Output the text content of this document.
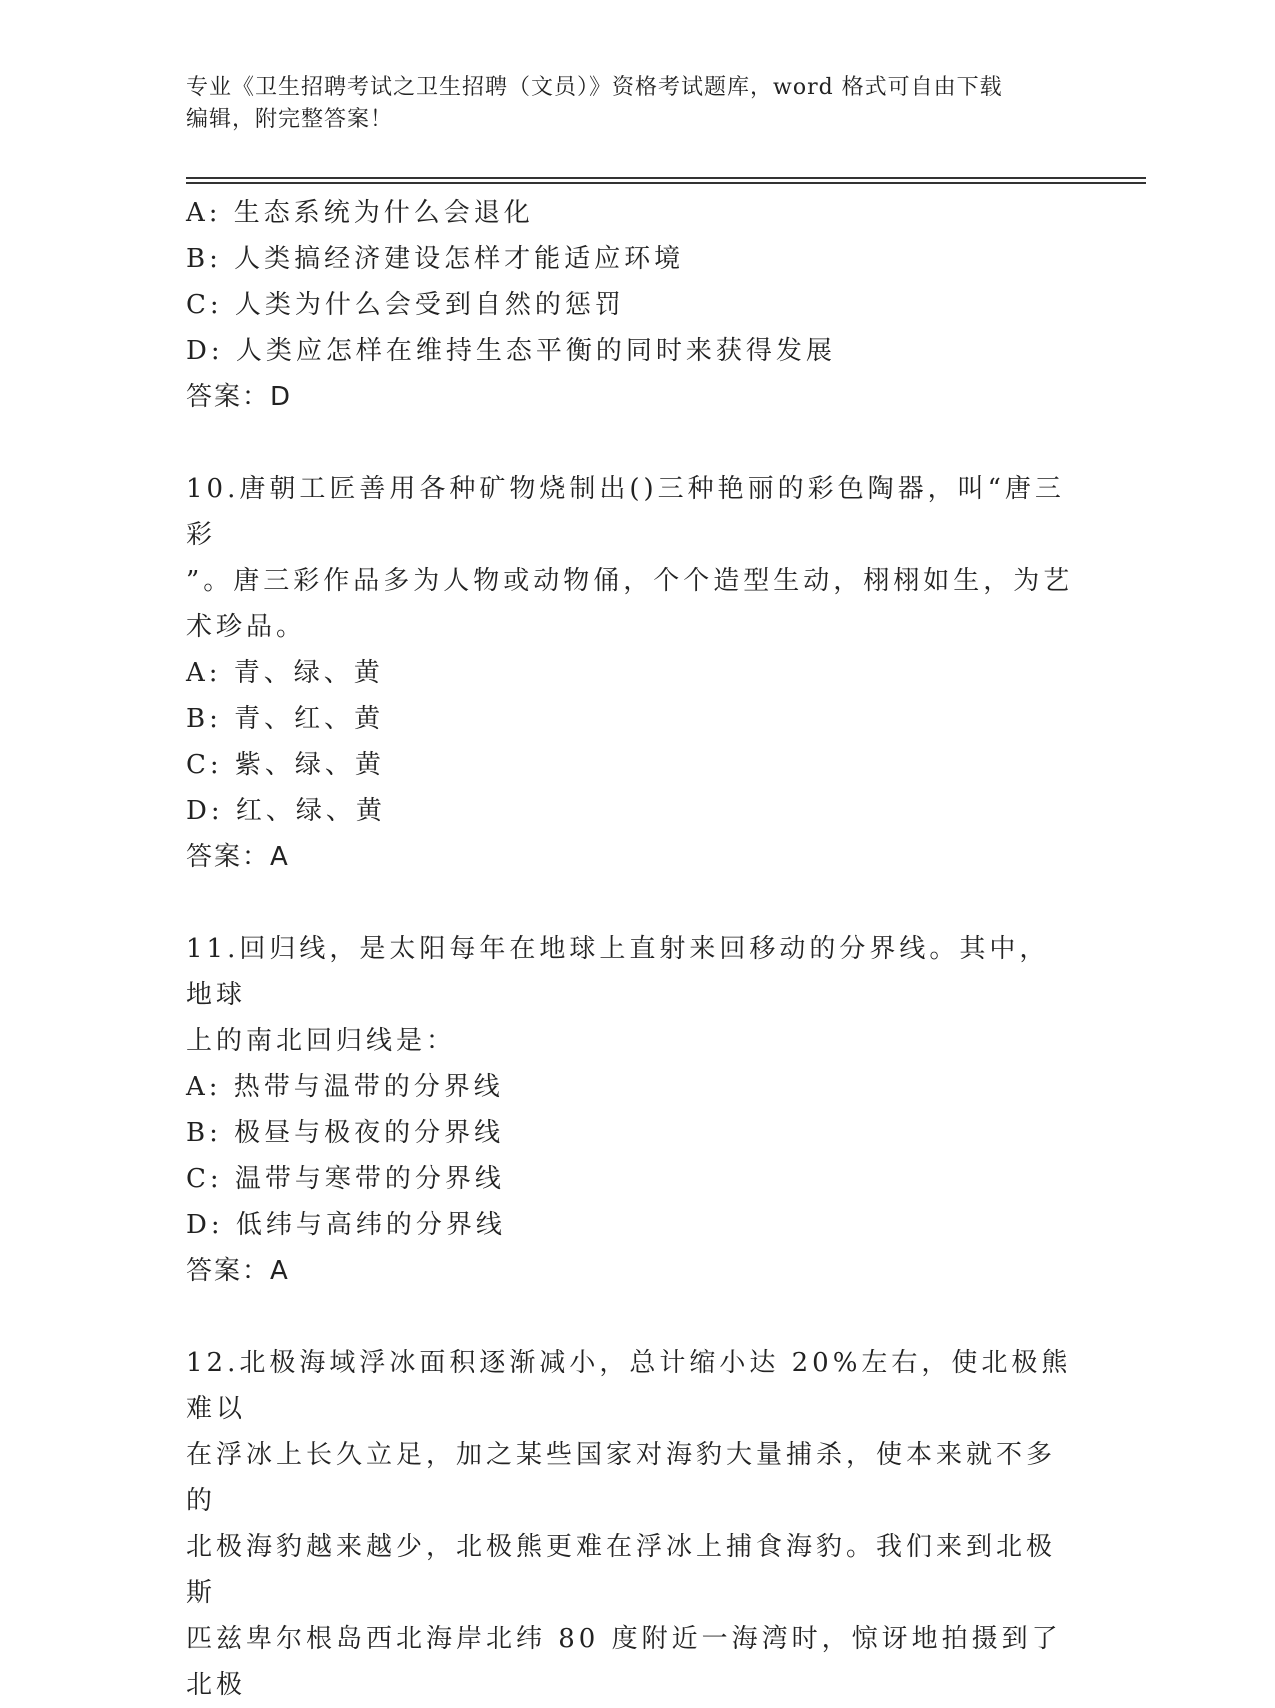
专业《卫生招聘考试之卫生招聘（文员）》资格考试题库，word 格式可自由下载
编辑，附完整答案！
A: 生态系统为什么会退化
B: 人类搞经济建设怎样才能适应环境
C: 人类为什么会受到自然的惩罚
D: 人类应怎样在维持生态平衡的同时来获得发展
答案：D
10.唐朝工匠善用各种矿物烧制出()三种艳丽的彩色陶器，叫“唐三彩
”。唐三彩作品多为人物或动物俑，个个造型生动，栩栩如生，为艺
术珍品。
A: 青、绿、黄
B: 青、红、黄
C: 紫、绿、黄
D: 红、绿、黄
答案：A
11.回归线，是太阳每年在地球上直射来回移动的分界线。其中，地球
上的南北回归线是：
A: 热带与温带的分界线
B: 极昼与极夜的分界线
C: 温带与寒带的分界线
D: 低纬与高纬的分界线
答案：A
12.北极海域浮冰面积逐渐减小，总计缩小达 20%左右，使北极熊难以
在浮冰上长久立足，加之某些国家对海豹大量捕杀，使本来就不多的
北极海豹越来越少，北极熊更难在浮冰上捕食海豹。我们来到北极斯
匹兹卑尔根岛西北海岸北纬 80 度附近一海湾时，惊讶地拍摄到了北极
